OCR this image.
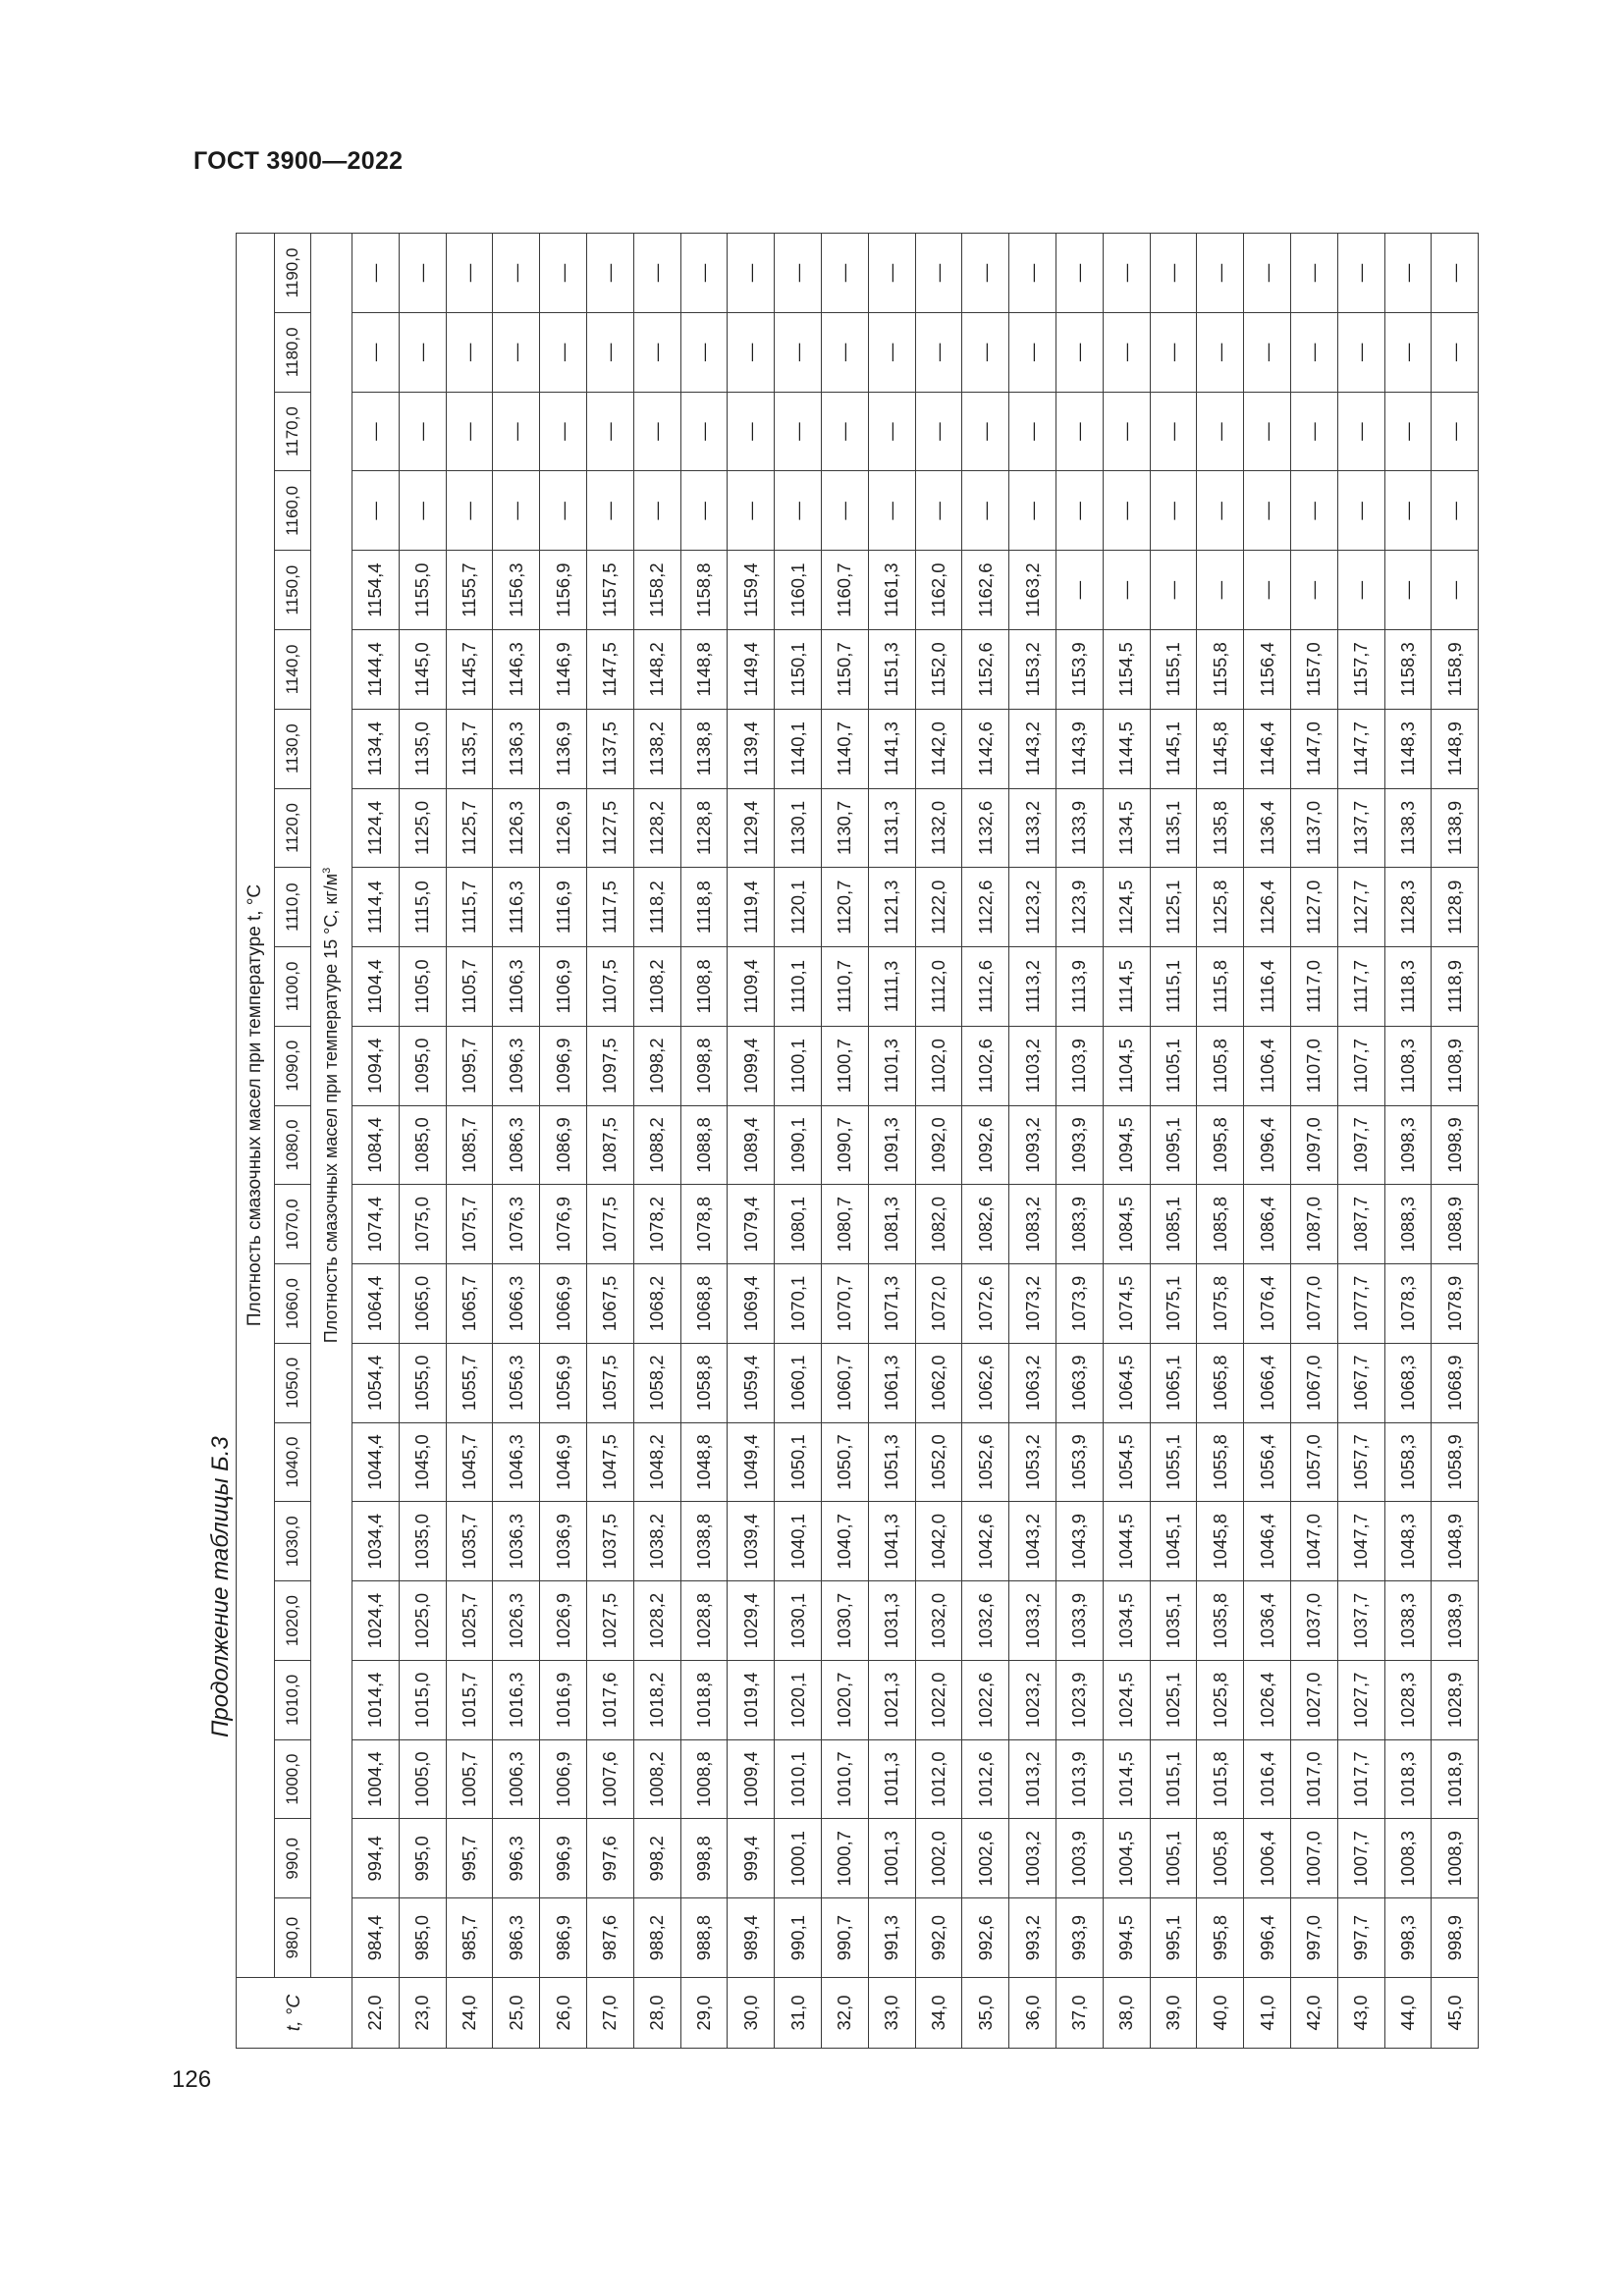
ГОСТ 3900—2022
Продолжение таблицы Б.3
t, °C	Плотность смазочных масел при температуре t, °C																					
	980,0	990,0	1000,0	1010,0	1020,0	1030,0	1040,0	1050,0	1060,0	1070,0	1080,0	1090,0	1100,0	1110,0	1120,0	1130,0	1140,0	1150,0	1160,0	1170,0	1180,0	1190,0
	Плотность смазочных масел при температуре 15 °С, $кг/м^3$
22,0	984,4	994,4	1004,4	1014,4	1024,4	1034,4	1044,4	1054,4	1064,4	1074,4	1084,4	1094,4	1104,4	1114,4	1124,4	1134,4	1144,4	1154,4	—	—	—	—
23,0	985,0	995,0	1005,0	1015,0	1025,0	1035,0	1045,0	1055,0	1065,0	1075,0	1085,0	1095,0	1105,0	1115,0	1125,0	1135,0	1145,0	1155,0	—	—	—	—
24,0	985,7	995,7	1005,7	1015,7	1025,7	1035,7	1045,7	1055,7	1065,7	1075,7	1085,7	1095,7	1105,7	1115,7	1125,7	1135,7	1145,7	1155,7	—	—	—	—
25,0	986,3	996,3	1006,3	1016,3	1026,3	1036,3	1046,3	1056,3	1066,3	1076,3	1086,3	1096,3	1106,3	1116,3	1126,3	1136,3	1146,3	1156,3	—	—	—	—
26,0	986,9	996,9	1006,9	1016,9	1026,9	1036,9	1046,9	1056,9	1066,9	1076,9	1086,9	1096,9	1106,9	1116,9	1126,9	1136,9	1146,9	1156,9	—	—	—	—
27,0	987,6	997,6	1007,6	1017,6	1027,5	1037,5	1047,5	1057,5	1067,5	1077,5	1087,5	1097,5	1107,5	1117,5	1127,5	1137,5	1147,5	1157,5	—	—	—	—
28,0	988,2	998,2	1008,2	1018,2	1028,2	1038,2	1048,2	1058,2	1068,2	1078,2	1088,2	1098,2	1108,2	1118,2	1128,2	1138,2	1148,2	1158,2	—	—	—	—
29,0	988,8	998,8	1008,8	1018,8	1028,8	1038,8	1048,8	1058,8	1068,8	1078,8	1088,8	1098,8	1108,8	1118,8	1128,8	1138,8	1148,8	1158,8	—	—	—	—
30,0	989,4	999,4	1009,4	1019,4	1029,4	1039,4	1049,4	1059,4	1069,4	1079,4	1089,4	1099,4	1109,4	1119,4	1129,4	1139,4	1149,4	1159,4	—	—	—	—
31,0	990,1	1000,1	1010,1	1020,1	1030,1	1040,1	1050,1	1060,1	1070,1	1080,1	1090,1	1100,1	1110,1	1120,1	1130,1	1140,1	1150,1	1160,1	—	—	—	—
32,0	990,7	1000,7	1010,7	1020,7	1030,7	1040,7	1050,7	1060,7	1070,7	1080,7	1090,7	1100,7	1110,7	1120,7	1130,7	1140,7	1150,7	1160,7	—	—	—	—
33,0	991,3	1001,3	1011,3	1021,3	1031,3	1041,3	1051,3	1061,3	1071,3	1081,3	1091,3	1101,3	1111,3	1121,3	1131,3	1141,3	1151,3	1161,3	—	—	—	—
34,0	992,0	1002,0	1012,0	1022,0	1032,0	1042,0	1052,0	1062,0	1072,0	1082,0	1092,0	1102,0	1112,0	1122,0	1132,0	1142,0	1152,0	1162,0	—	—	—	—
35,0	992,6	1002,6	1012,6	1022,6	1032,6	1042,6	1052,6	1062,6	1072,6	1082,6	1092,6	1102,6	1112,6	1122,6	1132,6	1142,6	1152,6	1162,6	—	—	—	—
36,0	993,2	1003,2	1013,2	1023,2	1033,2	1043,2	1053,2	1063,2	1073,2	1083,2	1093,2	1103,2	1113,2	1123,2	1133,2	1143,2	1153,2	1163,2	—	—	—	—
37,0	993,9	1003,9	1013,9	1023,9	1033,9	1043,9	1053,9	1063,9	1073,9	1083,9	1093,9	1103,9	1113,9	1123,9	1133,9	1143,9	1153,9	—	—	—	—	—
38,0	994,5	1004,5	1014,5	1024,5	1034,5	1044,5	1054,5	1064,5	1074,5	1084,5	1094,5	1104,5	1114,5	1124,5	1134,5	1144,5	1154,5	—	—	—	—	—
39,0	995,1	1005,1	1015,1	1025,1	1035,1	1045,1	1055,1	1065,1	1075,1	1085,1	1095,1	1105,1	1115,1	1125,1	1135,1	1145,1	1155,1	—	—	—	—	—
40,0	995,8	1005,8	1015,8	1025,8	1035,8	1045,8	1055,8	1065,8	1075,8	1085,8	1095,8	1105,8	1115,8	1125,8	1135,8	1145,8	1155,8	—	—	—	—	—
41,0	996,4	1006,4	1016,4	1026,4	1036,4	1046,4	1056,4	1066,4	1076,4	1086,4	1096,4	1106,4	1116,4	1126,4	1136,4	1146,4	1156,4	—	—	—	—	—
42,0	997,0	1007,0	1017,0	1027,0	1037,0	1047,0	1057,0	1067,0	1077,0	1087,0	1097,0	1107,0	1117,0	1127,0	1137,0	1147,0	1157,0	—	—	—	—	—
43,0	997,7	1007,7	1017,7	1027,7	1037,7	1047,7	1057,7	1067,7	1077,7	1087,7	1097,7	1107,7	1117,7	1127,7	1137,7	1147,7	1157,7	—	—	—	—	—
44,0	998,3	1008,3	1018,3	1028,3	1038,3	1048,3	1058,3	1068,3	1078,3	1088,3	1098,3	1108,3	1118,3	1128,3	1138,3	1148,3	1158,3	—	—	—	—	—
45,0	998,9	1008,9	1018,9	1028,9	1038,9	1048,9	1058,9	1068,9	1078,9	1088,9	1098,9	1108,9	1118,9	1128,9	1138,9	1148,9	1158,9	—	—	—	—	—
126
